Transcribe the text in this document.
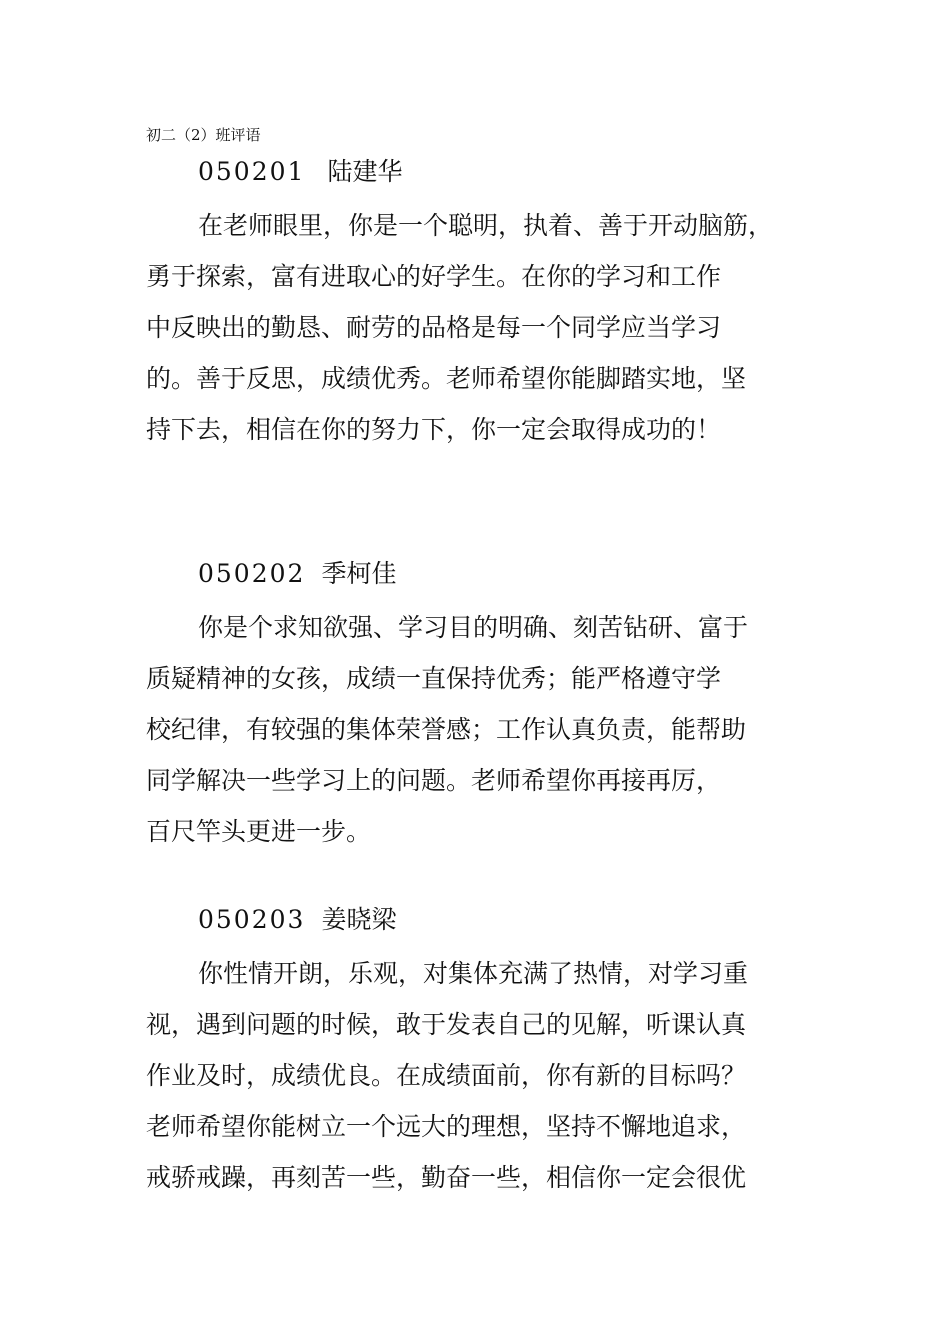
初二（2）班评语
050201 陆建华
在老师眼里，你是一个聪明，执着、善于开动脑筋，
勇于探索，富有进取心的好学生。在你的学习和工作
中反映出的勤恳、耐劳的品格是每一个同学应当学习
的。善于反思，成绩优秀。老师希望你能脚踏实地，坚
持下去，相信在你的努力下，你一定会取得成功的！
050202 季柯佳
你是个求知欲强、学习目的明确、刻苦钻研、富于
质疑精神的女孩，成绩一直保持优秀；能严格遵守学
校纪律，有较强的集体荣誉感；工作认真负责，能帮助
同学解决一些学习上的问题。老师希望你再接再厉，
百尺竿头更进一步。
050203 姜晓梁
你性情开朗，乐观，对集体充满了热情，对学习重
视，遇到问题的时候，敢于发表自己的见解，听课认真
作业及时，成绩优良。在成绩面前，你有新的目标吗？
老师希望你能树立一个远大的理想，坚持不懈地追求，
戒骄戒躁，再刻苦一些，勤奋一些，相信你一定会很优
